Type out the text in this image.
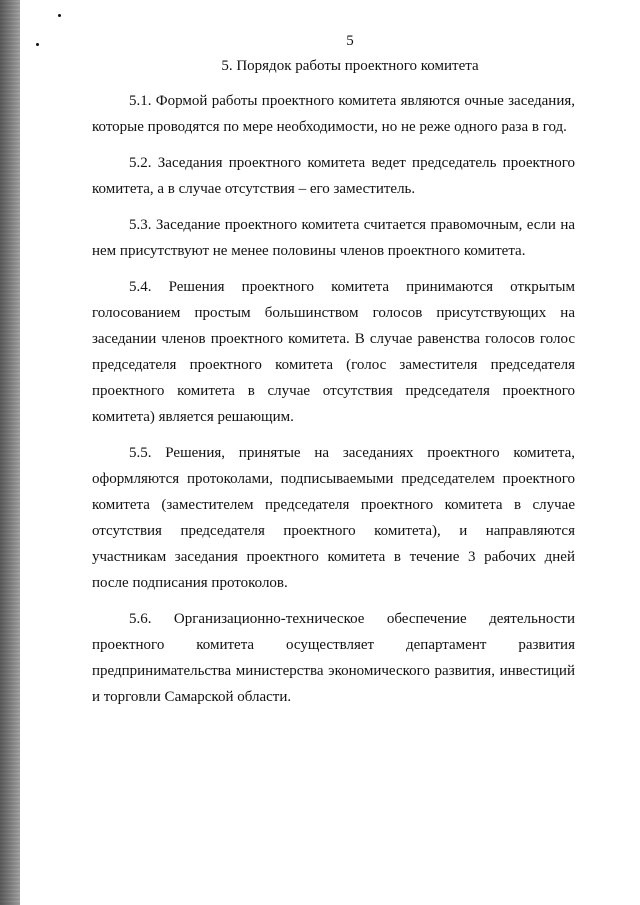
5
5. Порядок работы проектного комитета

5.1. Формой работы проектного комитета являются очные заседания, которые проводятся по мере необходимости, но не реже одного раза в год.

5.2. Заседания проектного комитета ведет председатель проектного комитета, а в случае отсутствия – его заместитель.

5.3. Заседание проектного комитета считается правомочным, если на нем присутствуют не менее половины членов проектного комитета.

5.4. Решения проектного комитета принимаются открытым голосованием простым большинством голосов присутствующих на заседании членов проектного комитета. В случае равенства голосов голос председателя проектного комитета (голос заместителя председателя проектного комитета в случае отсутствия председателя проектного комитета) является решающим.

5.5. Решения, принятые на заседаниях проектного комитета, оформляются протоколами, подписываемыми председателем проектного комитета (заместителем председателя проектного комитета в случае отсутствия председателя проектного комитета), и направляются участникам заседания проектного комитета в течение 3 рабочих дней после подписания протоколов.

5.6. Организационно-техническое обеспечение деятельности проектного комитета осуществляет департамент развития предпринимательства министерства экономического развития, инвестиций и торговли Самарской области.
